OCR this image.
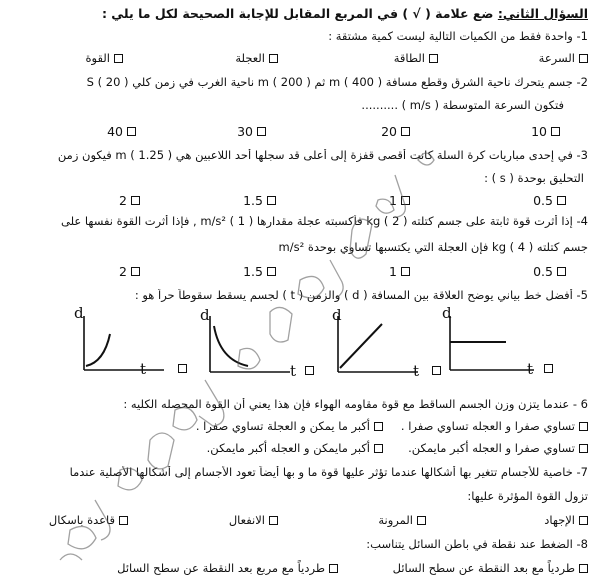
السؤال الثاني: ضع علامة ( √ ) في المربع المقابل للإجابة الصحيحة لكل ما يلي :
1- واحدة فقط من الكميات التالية ليست كمية مشتقة :
السرعة
الطاقة
العجلة
القوة
2- جسم يتحرك ناحية الشرق وقطع مسافة m ( 400 ) ثم m ( 200 ) ناحية الغرب في زمن كلي S ( 20 )
فتكون السرعة المتوسطة ( m/s ) ..........
10
20
30
40
3- في إحدى مباريات كرة السلة كانت أقصى قفزة إلى أعلى قد سجلها أحد اللاعبين هي m ( 1.25 ) فيكون زمن
التحليق بوحدة ( s ) :
0.5
1
1.5
2
4- إذا أثرت قوة ثابتة على جسم كتلته kg ( 2 ) فأكسبته عجلة مقدارها m/s² ( 1 ) , فإذا أثرت القوة نفسها على
جسم كتلته kg ( 4 ) فإن العجلة التي يكتسبها تساوي بوحدة m/s²
0.5
1
1.5
2
5- أفضل خط بياني يوضح العلاقة بين المسافة ( d ) والزمن ( t ) لجسم يسقط سقوطاً حراً هو :
d
t
d
t
d
t
d
t
6 - عندما يتزن وزن الجسم الساقط مع قوة مقاومه الهواء فإن هذا يعني أن القوة المحصله الكليه :
تساوي صفرا و العجله تساوي صفرا .
أكبر ما يمكن و العجلة تساوي صفرا .
تساوي صفرا و العجله أكبر مايمكن.
أكبر مايمكن و العجله أكبر مايمكن.
7- خاصية للأجسام تتغير بها أشكالها عندما تؤثر عليها قوة ما و بها أيضاً تعود الأجسام إلى أشكالها الأصلية عندما
تزول القوة المؤثرة عليها:
الإجهاد
المرونة
الانفعال
قاعدة باسكال
8- الضغط عند نقطة في باطن السائل يتناسب:
طردياً مع بعد النقطة عن سطح السائل
طردياً مع مربع بعد النقطة عن سطح السائل
